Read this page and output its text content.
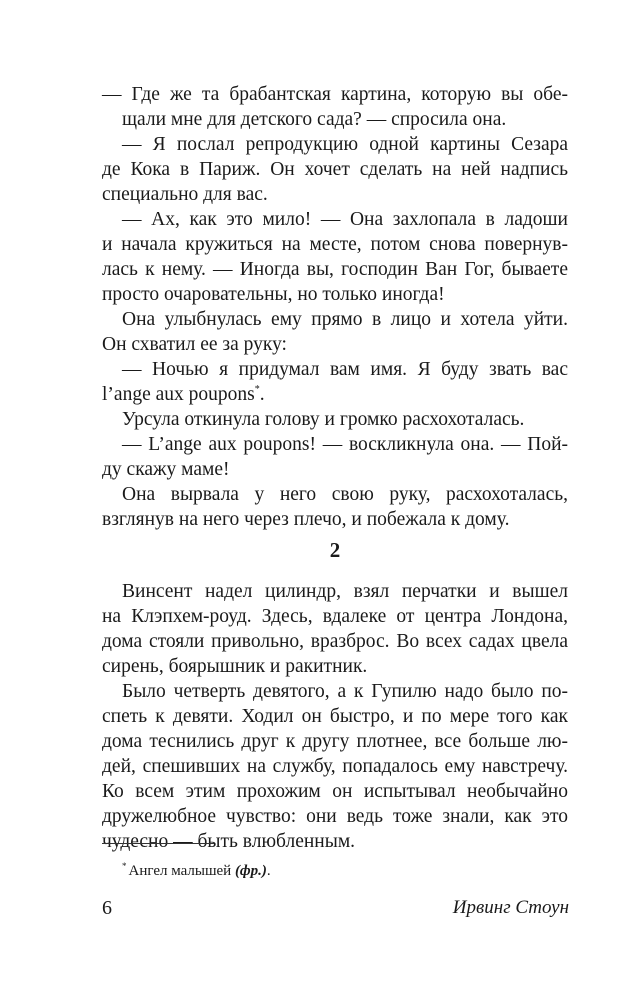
— Где же та брабантская картина, которую вы обе-
щали мне для детского сада? — спросила она.
— Я послал репродукцию одной картины Сезара
де Кока в Париж. Он хочет сделать на ней надпись
специально для вас.
— Ах, как это мило! — Она захлопала в ладоши
и начала кружиться на месте, потом снова повернув-
лась к нему. — Иногда вы, господин Ван Гог, бываете
просто очаровательны, но только иногда!
Она улыбнулась ему прямо в лицо и хотела уйти.
Он схватил ее за руку:
— Ночью я придумал вам имя. Я буду звать вас
l’ange aux poupons*.
Урсула откинула голову и громко расхохоталась.
— L’ange aux poupons! — воскликнула она. — Пой-
ду скажу маме!
Она вырвала у него свою руку, расхохоталась,
взглянув на него через плечо, и побежала к дому.
2
Винсент надел цилиндр, взял перчатки и вышел
на Клэпхем-роуд. Здесь, вдалеке от центра Лондона,
дома стояли привольно, вразброс. Во всех садах цвела
сирень, боярышник и ракитник.
Было четверть девятого, а к Гупилю надо было по-
спеть к девяти. Ходил он быстро, и по мере того как
дома теснились друг к другу плотнее, все больше лю-
дей, спешивших на службу, попадалось ему навстречу.
Ко всем этим прохожим он испытывал необычайно
дружелюбное чувство: они ведь тоже знали, как это
чудесно — быть влюбленным.
* Ангел малышей (фр.).
6	Ирвинг Стоун
